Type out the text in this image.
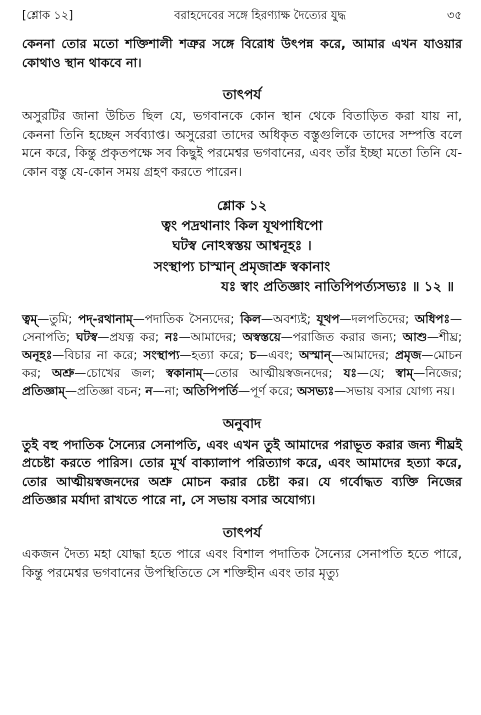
[শ্লোক ১২]	বরাহদেবের সঙ্গে হিরণ্যাক্ষ দৈত্যের যুদ্ধ	৩৫

কেননা তোর মতো শক্তিশালী শত্রুর সঙ্গে বিরোধ উৎপন্ন করে, আমার এখন যাওয়ার কোথাও স্থান থাকবে না।

তাৎপর্য

অসুরটির জানা উচিত ছিল যে, ভগবানকে কোন স্থান থেকে বিতাড়িত করা যায় না, কেননা তিনি হচ্ছেন সর্বব্যাপ্ত। অসুরেরা তাদের অধিকৃত বস্তুগুলিকে তাদের সম্পত্তি বলে মনে করে, কিন্তু প্রকৃতপক্ষে সব কিছুই পরমেশ্বর ভগবানের, এবং তাঁর ইচ্ছা মতো তিনি যে-কোন বস্তু যে-কোন সময় গ্রহণ করতে পারেন।

শ্লোক ১২
ত্বং পদ্রথানাং কিল যূথপাধিপো
ঘটস্ব নোঽস্বস্তয় আশ্বনূহঃ ।
সংস্থাপ্য চাস্মান্ প্রমৃজাশ্রু স্বকানাং
যঃ স্বাং প্রতিজ্ঞাং নাতিপিপর্ত্যসভ্যঃ ॥ ১২ ॥

ত্বম্—তুমি; পদ্-রথানাম্—পদাতিক সৈন্যদের; কিল—অবশ্যই; যূথপ—দলপতিদের; অধিপঃ—সেনাপতি; ঘটস্ব—প্রযত্ন কর; নঃ—আমাদের; অস্বস্তয়ে—পরাজিত করার জন্য; আশু—শীঘ্র; অনূহঃ—বিচার না করে; সংস্থাপ্য—হত্যা করে; চ—এবং; অস্মান্—আমাদের; প্রমৃজ—মোচন কর; অশ্রু—চোখের জল; স্বকানাম্—তোর আত্মীয়স্বজনদের; যঃ—যে; স্বাম্—নিজের; প্রতিজ্ঞাম্—প্রতিজ্ঞা বচন; ন—না; অতিপিপর্তি—পূর্ণ করে; অসভ্যঃ—সভায় বসার যোগ্য নয়।

অনুবাদ

তুই বহু পদাতিক সৈন্যের সেনাপতি, এবং এখন তুই আমাদের পরাভূত করার জন্য শীঘ্রই প্রচেষ্টা করতে পারিস। তোর মূর্খ বাক্যালাপ পরিত্যাগ করে, এবং আমাদের হত্যা করে, তোর আত্মীয়স্বজনদের অশ্রু মোচন করার চেষ্টা কর। যে গর্বোদ্ধত ব্যক্তি নিজের প্রতিজ্ঞার মর্যাদা রাখতে পারে না, সে সভায় বসার অযোগ্য।

তাৎপর্য

একজন দৈত্য মহা যোদ্ধা হতে পারে এবং বিশাল পদাতিক সৈন্যের সেনাপতি হতে পারে, কিন্তু পরমেশ্বর ভগবানের উপস্থিতিতে সে শক্তিহীন এবং তার মৃত্যু
